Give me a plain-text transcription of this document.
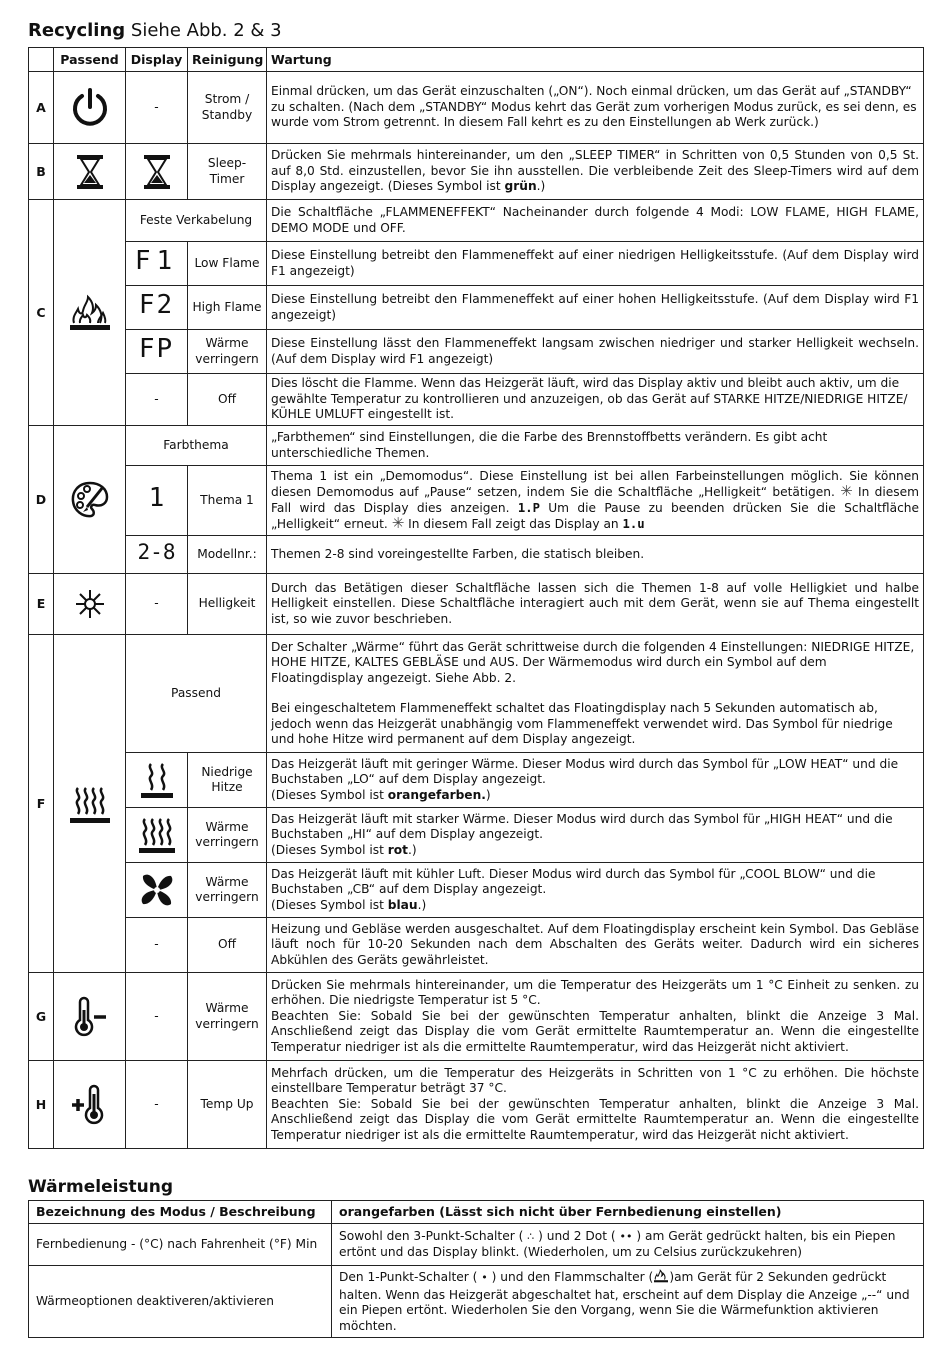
Recycling Siehe Abb. 2 & 3
	Passend	Display	Reinigung	Wartung
A		-	Strom / Standby	Einmal drücken, um das Gerät einzuschalten („ON“). Noch einmal drücken, um das Gerät auf „STANDBY“ zu schalten. (Nach dem „STANDBY“ Modus kehrt das Gerät zum vorherigen Modus zurück, es sei denn, es wurde vom Strom getrennt. In diesem Fall kehrt es zu den Einstellungen ab Werk zurück.)
B			Sleep-Timer	Drücken Sie mehrmals hintereinander, um den „SLEEP TIMER“ in Schritten von 0,5 Stunden von 0,5 St. auf 8,0 Std. einzustellen, bevor Sie ihn ausstellen. Die verbleibende Zeit des Sleep-Timers wird auf dem Display angezeigt. (Dieses Symbol ist grün.)
C		Feste Verkabelung		Die Schaltfläche „FLAMMENEFFEKT“ Nacheinander durch folgende 4 Modi: LOW FLAME, HIGH FLAME, DEMO MODE und OFF.
		F1	Low Flame	Diese Einstellung betreibt den Flammeneffekt auf einer niedrigen Helligkeitsstufe. (Auf dem Display wird F1 angezeigt)
		F2	High Flame	Diese Einstellung betreibt den Flammeneffekt auf einer hohen Helligkeitsstufe. (Auf dem Display wird F1 angezeigt)
		FP	Wärme verringern	Diese Einstellung lässt den Flammeneffekt langsam zwischen niedriger und starker Helligkeit wechseln. (Auf dem Display wird F1 angezeigt)
		-	Off	Dies löscht die Flamme. Wenn das Heizgerät läuft, wird das Display aktiv und bleibt auch aktiv, um die gewählte Temperatur zu kontrollieren und anzuzeigen, ob das Gerät auf STARKE HITZE/NIEDRIGE HITZE/ KÜHLE UMLUFT eingestellt ist.
D		Farbthema		„Farbthemen“ sind Einstellungen, die die Farbe des Brennstoffbetts verändern. Es gibt acht unterschiedliche Themen.
		1	Thema 1	Thema 1 ist ein „Demomodus“. Diese Einstellung ist bei allen Farbeinstellungen möglich. Sie können diesen Demomodus auf „Pause“ setzen, indem Sie die Schaltfläche „Helligkeit“ betätigen. ✳ In diesem Fall wird das Display dies anzeigen. 1.P Um die Pause zu beenden drücken Sie die Schaltfläche „Helligkeit“ erneut. ✳ In diesem Fall zeigt das Display an 1.u
		2-8	Modellnr.:	Themen 2-8 sind voreingestellte Farben, die statisch bleiben.
E		-	Helligkeit	Durch das Betätigen dieser Schaltfläche lassen sich die Themen 1-8 auf volle Helligkiet und halbe Helligkeit einstellen. Diese Schaltfläche interagiert auch mit dem Gerät, wenn sie auf Thema eingestellt ist, so wie zuvor beschrieben.
F		Passend		Der Schalter „Wärme“ führt das Gerät schrittweise durch die folgenden 4 Einstellungen: NIEDRIGE HITZE, HOHE HITZE, KALTES GEBLÄSE und AUS. Der Wärmemodus wird durch ein Symbol auf dem Floatingdisplay angezeigt. Siehe Abb. 2.
Bei eingeschaltetem Flammeneffekt schaltet das Floatingdisplay nach 5 Sekunden automatisch ab, jedoch wenn das Heizgerät unabhängig vom Flammeneffekt verwendet wird. Das Symbol für niedrige und hohe Hitze wird permanent auf dem Display angezeigt.

	Niedrige Hitze	Das Heizgerät läuft mit geringer Wärme. Dieser Modus wird durch das Symbol für „LOW HEAT“ und die Buchstaben „LO“ auf dem Display angezeigt.
(Dieses Symbol ist orangefarben.)

	Wärme verringern	Das Heizgerät läuft mit starker Wärme. Dieser Modus wird durch das Symbol für „HIGH HEAT“ und die Buchstaben „HI“ auf dem Display angezeigt.
(Dieses Symbol ist rot.)

	Wärme verringern	Das Heizgerät läuft mit kühler Luft. Dieser Modus wird durch das Symbol für „COOL BLOW“ und die Buchstaben „CB“ auf dem Display angezeigt.
(Dieses Symbol ist blau.)
		-	Off	Heizung und Gebläse werden ausgeschaltet. Auf dem Floatingdisplay erscheint kein Symbol. Das Gebläse läuft noch für 10-20 Sekunden nach dem Abschalten des Geräts weiter. Dadurch wird ein sicheres Abkühlen des Geräts gewährleistet.
G		-	Wärme verringern	Drücken Sie mehrmals hintereinander, um die Temperatur des Heizgeräts um 1 °C Einheit zu senken. zu erhöhen. Die niedrigste Temperatur ist 5 °C.
Beachten Sie: Sobald Sie bei der gewünschten Temperatur anhalten, blinkt die Anzeige 3 Mal. Anschließend zeigt das Display die vom Gerät ermittelte Raumtemperatur an. Wenn die eingestellte Temperatur niedriger ist als die ermittelte Raumtemperatur, wird das Heizgerät nicht aktiviert.

H		-	Temp Up	Mehrfach drücken, um die Temperatur des Heizgeräts in Schritten von 1 °C zu erhöhen. Die höchste einstellbare Temperatur beträgt 37 °C.
Beachten Sie: Sobald Sie bei der gewünschten Temperatur anhalten, blinkt die Anzeige 3 Mal. Anschließend zeigt das Display die vom Gerät ermittelte Raumtemperatur an. Wenn die eingestellte Temperatur niedriger ist als die ermittelte Raumtemperatur, wird das Heizgerät nicht aktiviert.
Wärmeleistung
Bezeichnung des Modus / Beschreibung	orangefarben (Lässt sich nicht über Fernbedienung einstellen)
Fernbedienung - (°C) nach Fahrenheit (°F) Min	Sowohl den 3-Punkt-Schalter ( ∴ ) und 2 Dot ( •• ) am Gerät gedrückt halten, bis ein Piepen ertönt und das Display blinkt. (Wiederholen, um zu Celsius zurückzukehren)
Wärmeoptionen deaktiveren/aktivieren	Den 1-Punkt-Schalter ( • ) und den Flammschalter ( )am Gerät für 2 Sekunden gedrückt halten. Wenn das Heizgerät abgeschaltet hat, erscheint auf dem Display die Anzeige „--“ und ein Piepen ertönt. Wiederholen Sie den Vorgang, wenn Sie die Wärmefunktion aktivieren möchten.
